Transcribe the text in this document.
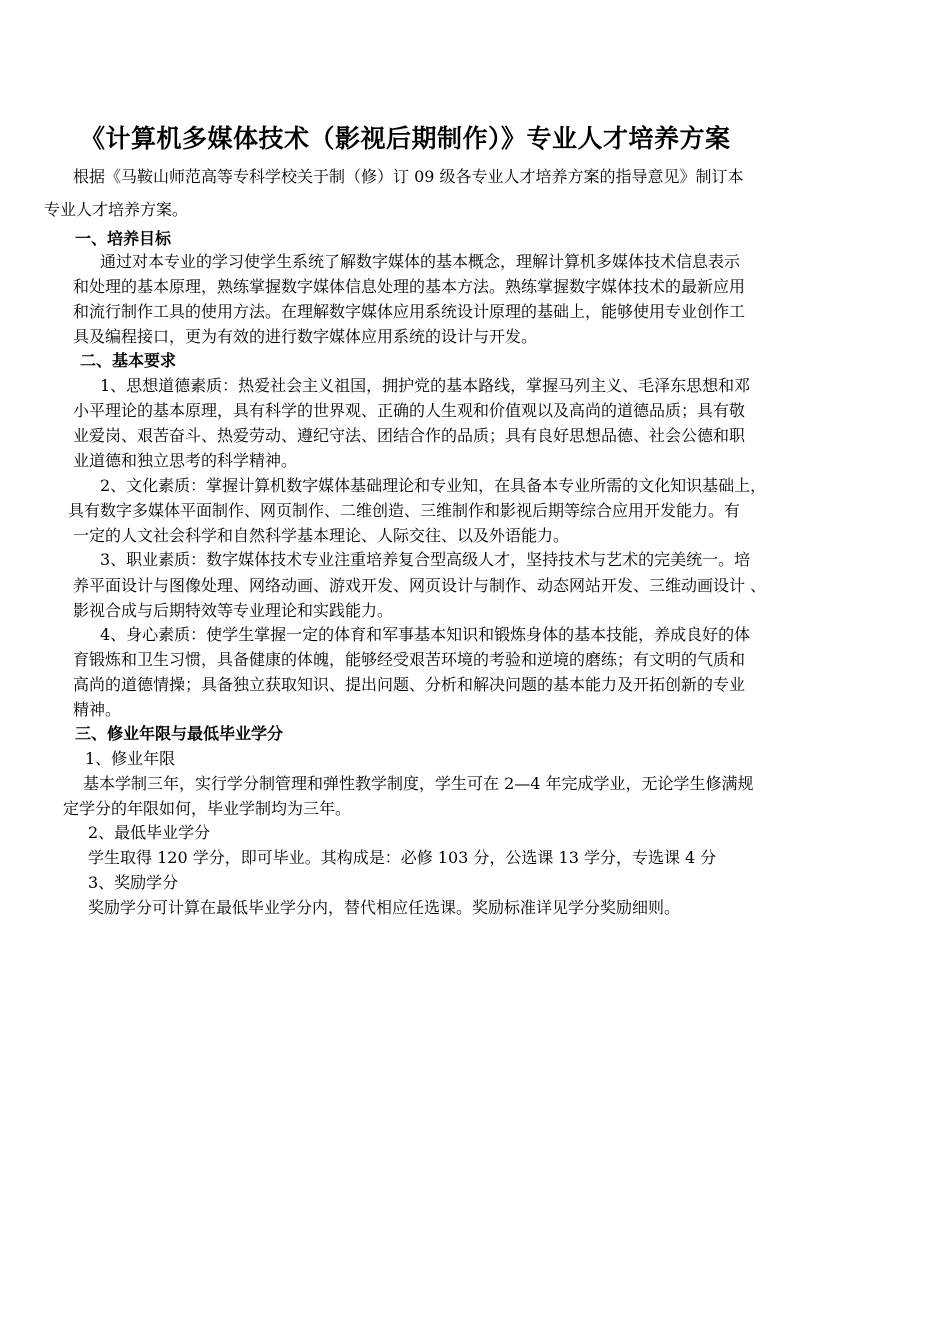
《计算机多媒体技术（影视后期制作）》专业人才培养方案

根据《马鞍山师范高等专科学校关于制（修）订 09 级各专业人才培养方案的指导意见》制订本

专业人才培养方案。

一、培养目标

通过对本专业的学习使学生系统了解数字媒体的基本概念，理解计算机多媒体技术信息表示

和处理的基本原理，熟练掌握数字媒体信息处理的基本方法。熟练掌握数字媒体技术的最新应用

和流行制作工具的使用方法。在理解数字媒体应用系统设计原理的基础上，能够使用专业创作工

具及编程接口，更为有效的进行数字媒体应用系统的设计与开发。

二、基本要求

1、思想道德素质：热爱社会主义祖国，拥护党的基本路线，掌握马列主义、毛泽东思想和邓

小平理论的基本原理，具有科学的世界观、正确的人生观和价值观以及高尚的道德品质；具有敬

业爱岗、艰苦奋斗、热爱劳动、遵纪守法、团结合作的品质；具有良好思想品德、社会公德和职

业道德和独立思考的科学精神。

2、文化素质：掌握计算机数字媒体基础理论和专业知，在具备本专业所需的文化知识基础上，

具有数字多媒体平面制作、网页制作、二维创造、三维制作和影视后期等综合应用开发能力。有

一定的人文社会科学和自然科学基本理论、人际交往、以及外语能力。

3、职业素质：数字媒体技术专业注重培养复合型高级人才，坚持技术与艺术的完美统一。培

养平面设计与图像处理、网络动画、游戏开发、网页设计与制作、动态网站开发、三维动画设计 、

影视合成与后期特效等专业理论和实践能力。

4、身心素质：使学生掌握一定的体育和军事基本知识和锻炼身体的基本技能，养成良好的体

育锻炼和卫生习惯，具备健康的体魄，能够经受艰苦环境的考验和逆境的磨练；有文明的气质和

高尚的道德情操；具备独立获取知识、提出问题、分析和解决问题的基本能力及开拓创新的专业

精神。

三、修业年限与最低毕业学分

1、修业年限

基本学制三年，实行学分制管理和弹性教学制度，学生可在 2—4 年完成学业，无论学生修满规

定学分的年限如何，毕业学制均为三年。

2、最低毕业学分

学生取得 120 学分，即可毕业。其构成是：必修 103 分，公选课 13 学分，专选课 4 分

3、奖励学分

奖励学分可计算在最低毕业学分内，替代相应任选课。奖励标准详见学分奖励细则。
